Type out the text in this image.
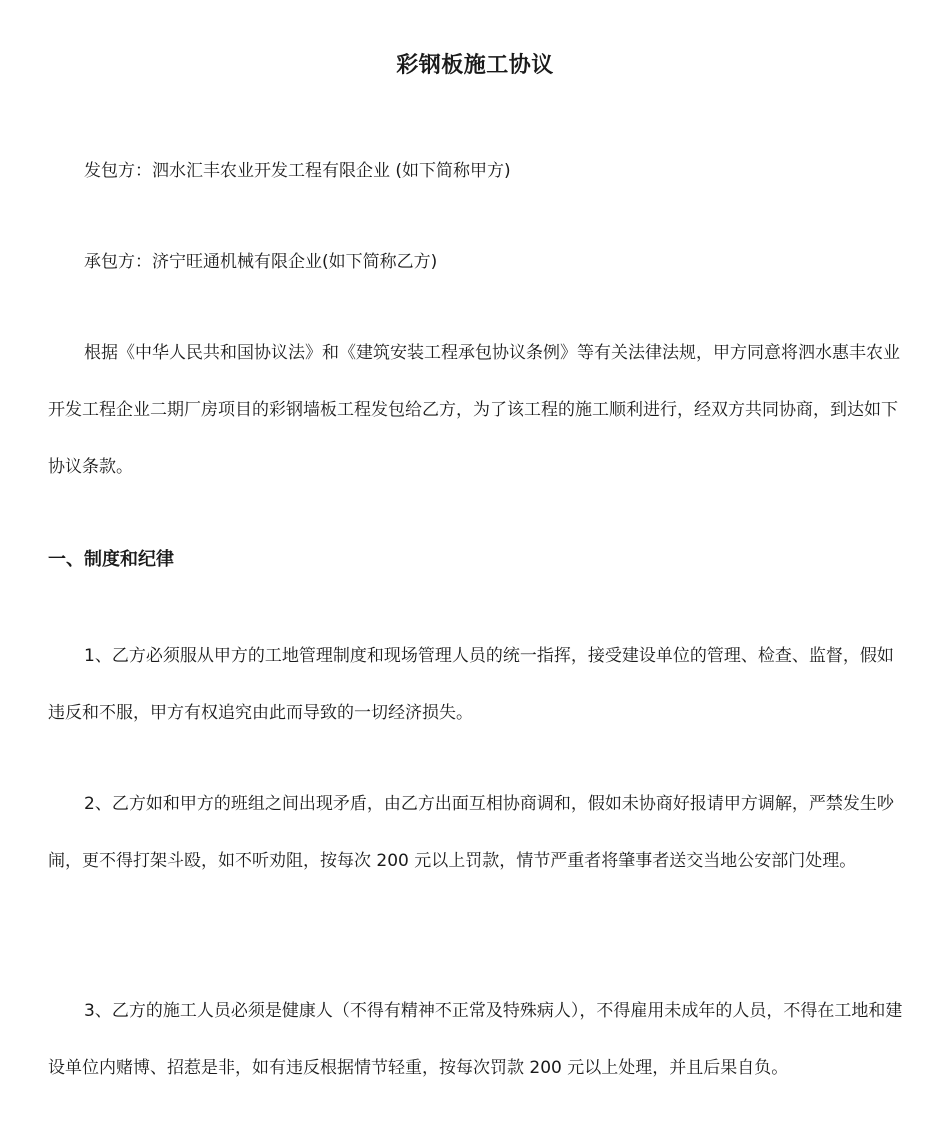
彩钢板施工协议
发包方：泗水汇丰农业开发工程有限企业 (如下简称甲方)
承包方：济宁旺通机械有限企业(如下简称乙方)
根据《中华人民共和国协议法》和《建筑安装工程承包协议条例》等有关法律法规，甲方同意将泗水惠丰农业开发工程企业二期厂房项目的彩钢墙板工程发包给乙方，为了该工程的施工顺利进行，经双方共同协商，到达如下协议条款。
一、制度和纪律
1、乙方必须服从甲方的工地管理制度和现场管理人员的统一指挥，接受建设单位的管理、检查、监督，假如违反和不服，甲方有权追究由此而导致的一切经济损失。
2、乙方如和甲方的班组之间出现矛盾，由乙方出面互相协商调和，假如未协商好报请甲方调解，严禁发生吵闹，更不得打架斗殴，如不听劝阻，按每次 200 元以上罚款，情节严重者将肇事者送交当地公安部门处理。
3、乙方的施工人员必须是健康人（不得有精神不正常及特殊病人），不得雇用未成年的人员，不得在工地和建设单位内赌博、招惹是非，如有违反根据情节轻重，按每次罚款 200 元以上处理，并且后果自负。
